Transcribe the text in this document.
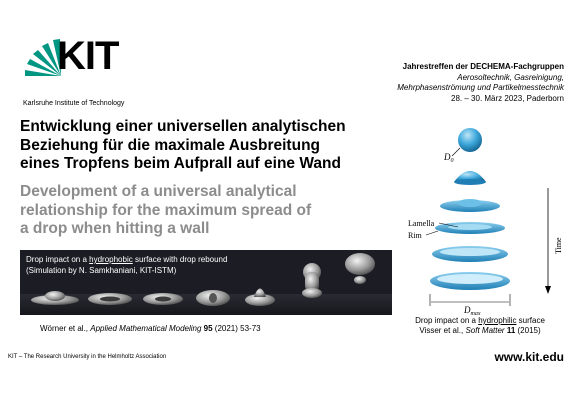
KIT
Karlsruhe Institute of Technology
Jahrestreffen der DECHEMA-Fachgruppen
Aerosoltechnik, Gasreinigung,
Mehrphasenströmung und Partikelmesstechnik
28. – 30. März 2023, Paderborn
Entwicklung einer universellen analytischen
Beziehung für die maximale Ausbreitung
eines Tropfens beim Aufprall auf eine Wand
Development of a universal analytical
relationship for the maximum spread of
a drop when hitting a wall
Drop impact on a hydrophobic surface with drop rebound
(Simulation by N. Samkhaniani, KIT-ISTM)
Wörner et al., Applied Mathematical Modeling 95 (2021) 53-73
$D_0$
Lamella
Rim
$D_{max}$
Time
Drop impact on a hydrophilic surface
Visser et al., Soft Matter 11 (2015)
KIT – The Research University in the Helmholtz Association	www.kit.edu
